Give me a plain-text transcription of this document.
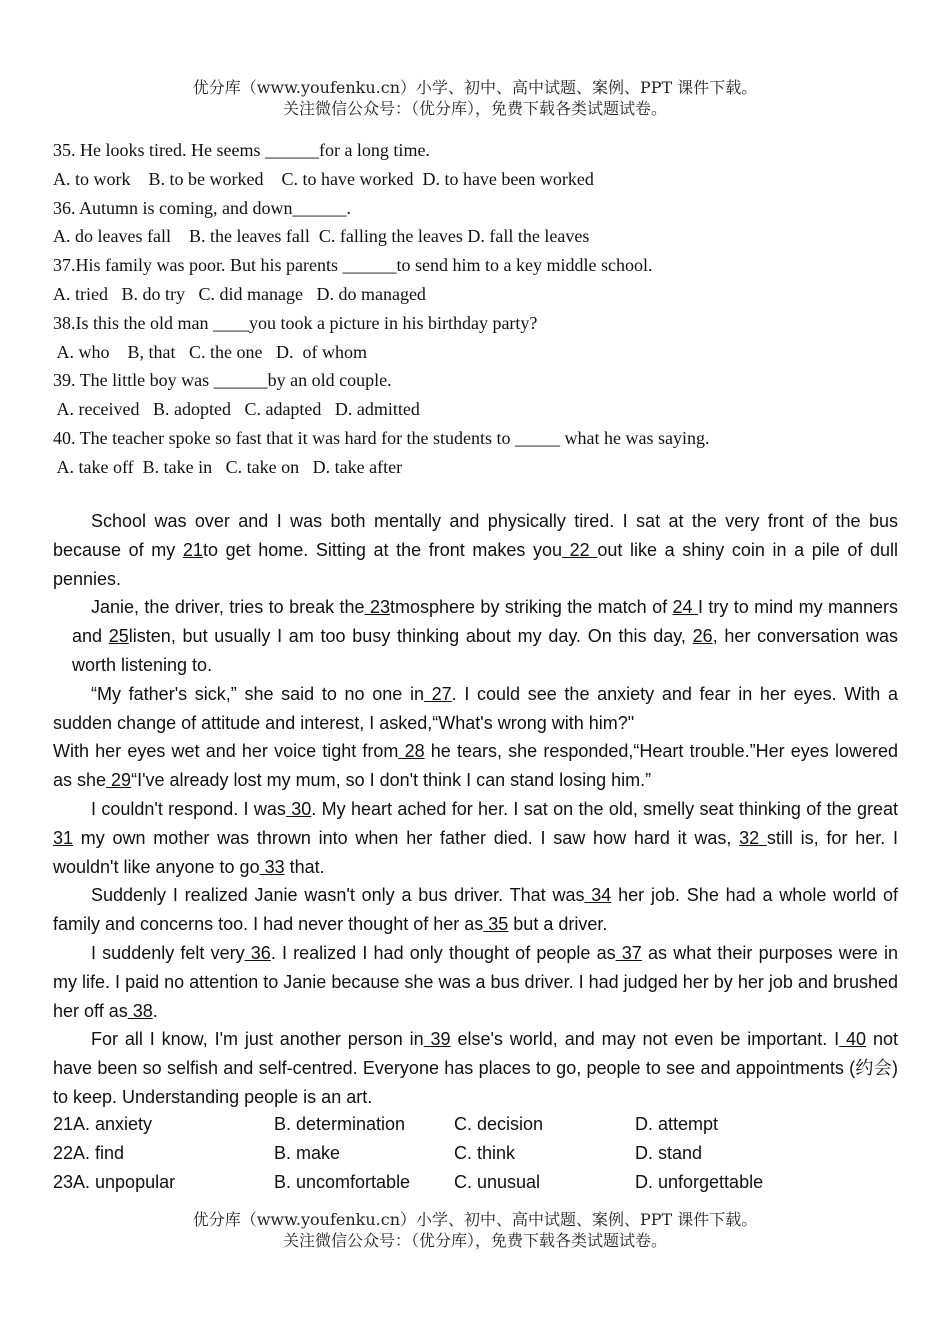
优分库（www.youfenku.cn）小学、初中、高中试题、案例、PPT 课件下载。
关注微信公众号：（优分库），免费下载各类试题试卷。
35. He looks tired. He seems ______for a long time.
A. to work    B. to be worked    C. to have worked  D. to have been worked
36. Autumn is coming, and down______.
A. do leaves fall    B. the leaves fall  C. falling the leaves D. fall the leaves
37.His family was poor. But his parents ______to send him to a key middle school.
A. tried   B. do try   C. did manage   D. do managed
38.Is this the old man ____you took a picture in his birthday party?
A. who    B, that   C. the one   D.  of whom
39. The little boy was ______by an old couple.
A. received   B. adopted   C. adapted   D. admitted
40. The teacher spoke so fast that it was hard for the students to _____ what he was saying.
A. take off  B. take in   C. take on   D. take after

School was over and I was both mentally and physically tired. I sat at the very front of the bus because of my 21to get home. Sitting at the front makes you 22 out like a shiny coin in a pile of dull pennies.

Janie, the driver, tries to break the 23tmosphere by striking the match of 24 I try to mind my manners and 25listen, but usually I am too busy thinking about my day. On this day, 26, her conversation was worth listening to.

“My father's sick,” she said to no one in 27. I could see the anxiety and fear in her eyes. With a sudden change of attitude and interest, I asked,“What's wrong with him?"

With her eyes wet and her voice tight from 28 he tears, she responded,“Heart trouble.”Her eyes lowered as she 29“I've already lost my mum, so I don't think I can stand losing him.”

I couldn't respond. I was 30. My heart ached for her. I sat on the old, smelly seat thinking of the great 31 my own mother was thrown into when her father died. I saw how hard it was, 32 still is, for her. I wouldn't like anyone to go 33 that.

Suddenly I realized Janie wasn't only a bus driver. That was 34 her job. She had a whole world of family and concerns too. I had never thought of her as 35 but a driver.

I suddenly felt very 36. I realized I had only thought of people as 37 as what their purposes were in my life. I paid no attention to Janie because she was a bus driver. I had judged her by her job and brushed her off as 38.

For all I know, I'm just another person in 39 else's world, and may not even be important. I 40 not have been so selfish and self-centred. Everyone has places to go, people to see and appointments (约会) to keep. Understanding people is an art.

21A. anxiety	B. determination	C. decision	D. attempt
22A. find	B. make	C. think	D. stand
23A. unpopular	B. uncomfortable C. unusual	D. unforgettable
优分库（www.youfenku.cn）小学、初中、高中试题、案例、PPT 课件下载。
关注微信公众号：（优分库），免费下载各类试题试卷。
